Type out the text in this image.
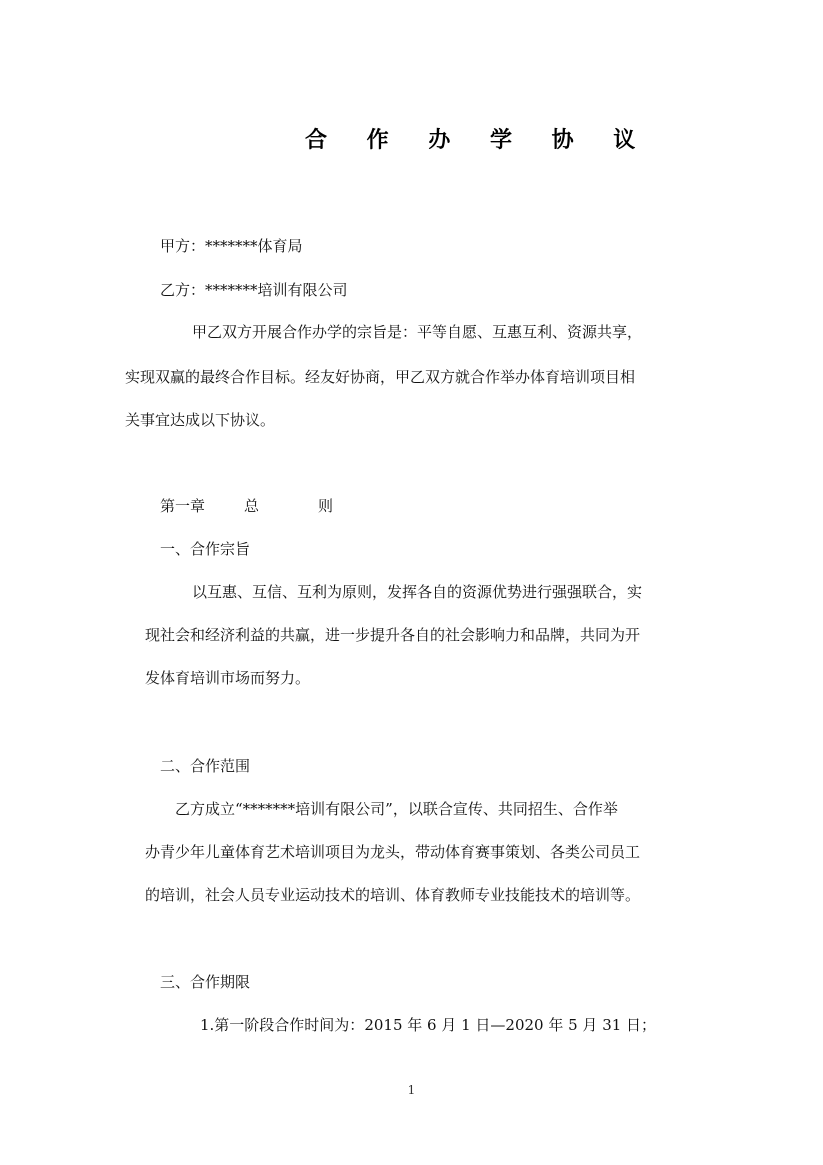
合 作 办 学 协 议
甲方：*******体育局
乙方：*******培训有限公司
甲乙双方开展合作办学的宗旨是：平等自愿、互惠互利、资源共享，
实现双赢的最终合作目标。经友好协商，甲乙双方就合作举办体育培训项目相
关事宜达成以下协议。
第一章	总	则
一、合作宗旨
以互惠、互信、互利为原则，发挥各自的资源优势进行强强联合，实
现社会和经济利益的共赢，进一步提升各自的社会影响力和品牌，共同为开
发体育培训市场而努力。
二、合作范围
乙方成立“*******培训有限公司”，以联合宣传、共同招生、合作举
办青少年儿童体育艺术培训项目为龙头，带动体育赛事策划、各类公司员工
的培训，社会人员专业运动技术的培训、体育教师专业技能技术的培训等。
三、合作期限
1.第一阶段合作时间为：2015 年 6 月 1 日—2020 年 5 月 31 日；
1
